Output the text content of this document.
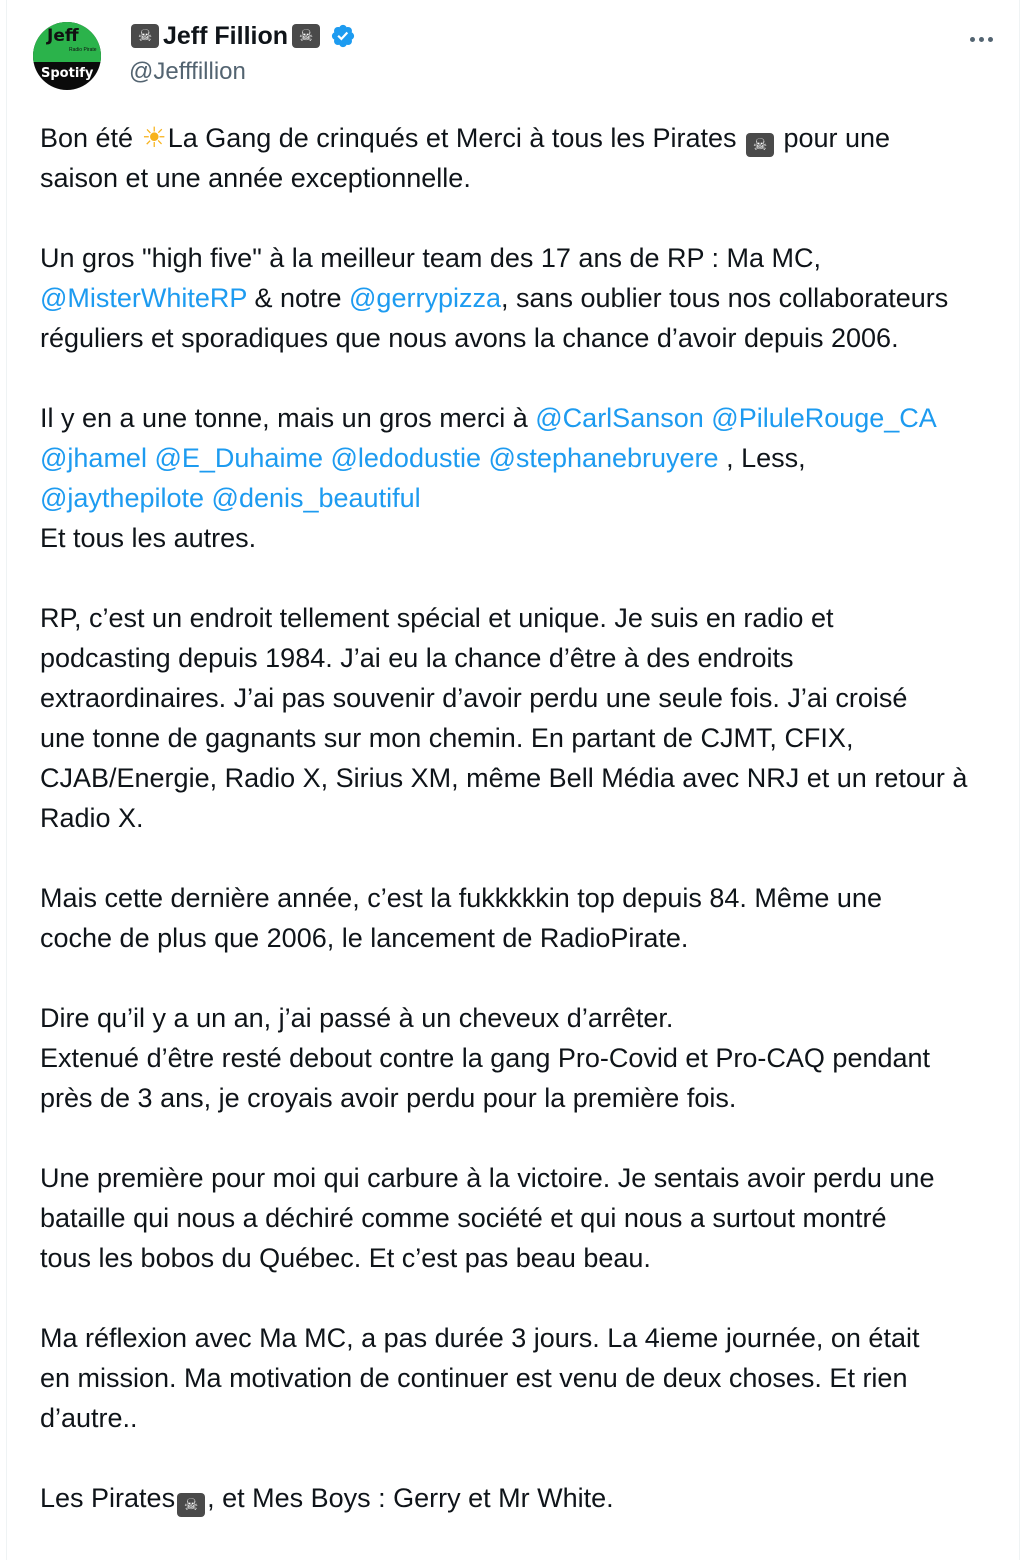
Jeff
Radio Pirate
Spotify
☠ Jeff Fillion ☠
@Jefffillion
Bon été ☀La Gang de crinqués et Merci à tous les Pirates ☠ pour une
saison et une année exceptionnelle.
Un gros "high five" à la meilleur team des 17 ans de RP : Ma MC,
@MisterWhiteRP & notre @gerrypizza, sans oublier tous nos collaborateurs
réguliers et sporadiques que nous avons la chance d’avoir depuis 2006.
Il y en a une tonne, mais un gros merci à @CarlSanson @PiluleRouge_CA
@jhamel @E_Duhaime @ledodustie @stephanebruyere , Less,
@jaythepilote @denis_beautiful
Et tous les autres.
RP, c’est un endroit tellement spécial et unique. Je suis en radio et
podcasting depuis 1984. J’ai eu la chance d’être à des endroits
extraordinaires. J’ai pas souvenir d’avoir perdu une seule fois. J’ai croisé
une tonne de gagnants sur mon chemin. En partant de CJMT, CFIX,
CJAB/Energie, Radio X, Sirius XM, même Bell Média avec NRJ et un retour à
Radio X.
Mais cette dernière année, c’est la fukkkkkin top depuis 84. Même une
coche de plus que 2006, le lancement de RadioPirate.
Dire qu’il y a un an, j’ai passé à un cheveux d’arrêter.
Extenué d’être resté debout contre la gang Pro-Covid et Pro-CAQ pendant
près de 3 ans, je croyais avoir perdu pour la première fois.
Une première pour moi qui carbure à la victoire. Je sentais avoir perdu une
bataille qui nous a déchiré comme société et qui nous a surtout montré
tous les bobos du Québec. Et c’est pas beau beau.
Ma réflexion avec Ma MC, a pas durée 3 jours. La 4ieme journée, on était
en mission. Ma motivation de continuer est venu de deux choses. Et rien
d’autre..
Les Pirates ☠ , et Mes Boys : Gerry et Mr White.
